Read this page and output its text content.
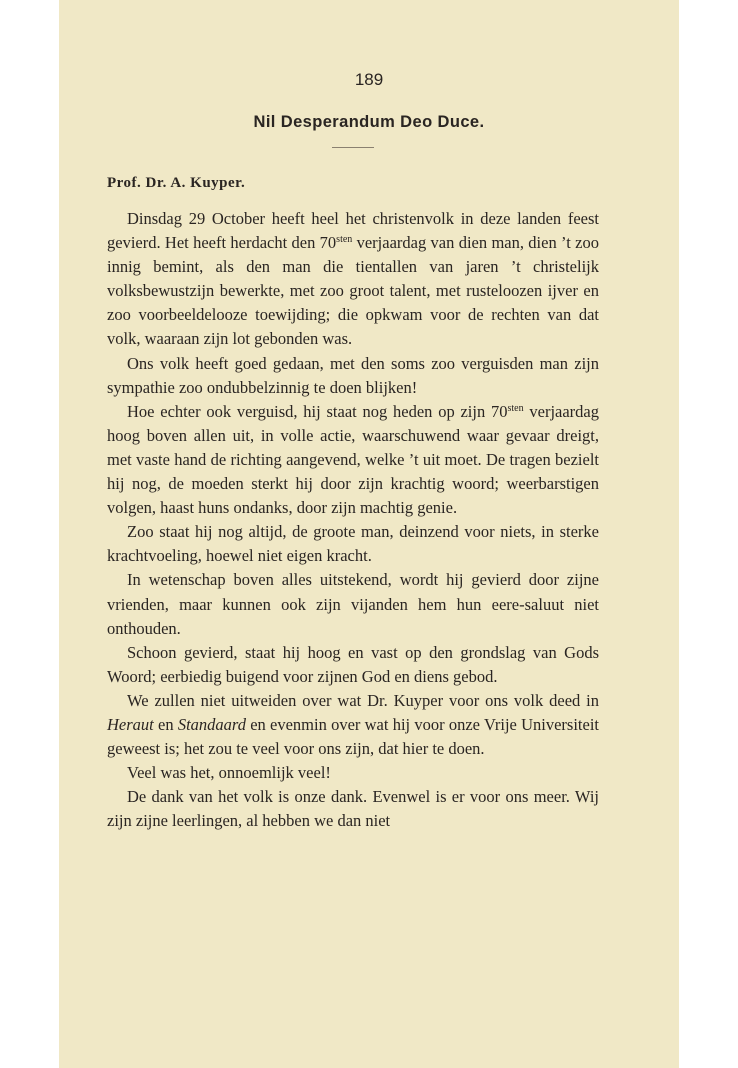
189
Nil Desperandum Deo Duce.
Prof. Dr. A. Kuyper.

Dinsdag 29 October heeft heel het christenvolk in deze landen feest gevierd. Het heeft herdacht den $70^{sten}$ verjaardag van dien man, dien ’t zoo innig bemint, als den man die tientallen van jaren ’t christelijk volksbewustzijn bewerkte, met zoo groot talent, met rusteloozen ijver en zoo voorbeeldelooze toewijding; die opkwam voor de rechten van dat volk, waaraan zijn lot gebonden was.

Ons volk heeft goed gedaan, met den soms zoo verguisden man zijn sympathie zoo ondubbelzinnig te doen blijken!

Hoe echter ook verguisd, hij staat nog heden op zijn $70^{sten}$ verjaardag hoog boven allen uit, in volle actie, waarschuwend waar gevaar dreigt, met vaste hand de richting aangevend, welke ’t uit moet. De tragen bezielt hij nog, de moeden sterkt hij door zijn krachtig woord; weerbarstigen volgen, haast huns ondanks, door zijn machtig genie.

Zoo staat hij nog altijd, de groote man, deinzend voor niets, in sterke krachtvoeling, hoewel niet eigen kracht.

In wetenschap boven alles uitstekend, wordt hij gevierd door zijne vrienden, maar kunnen ook zijn vijanden hem hun eere-saluut niet onthouden.

Schoon gevierd, staat hij hoog en vast op den grondslag van Gods Woord; eerbiedig buigend voor zijnen God en diens gebod.

We zullen niet uitweiden over wat Dr. Kuyper voor ons volk deed in Heraut en Standaard en evenmin over wat hij voor onze Vrije Universiteit geweest is; het zou te veel voor ons zijn, dat hier te doen.

Veel was het, onnoemlijk veel!

De dank van het volk is onze dank. Evenwel is er voor ons meer. Wij zijn zijne leerlingen, al hebben we dan niet
